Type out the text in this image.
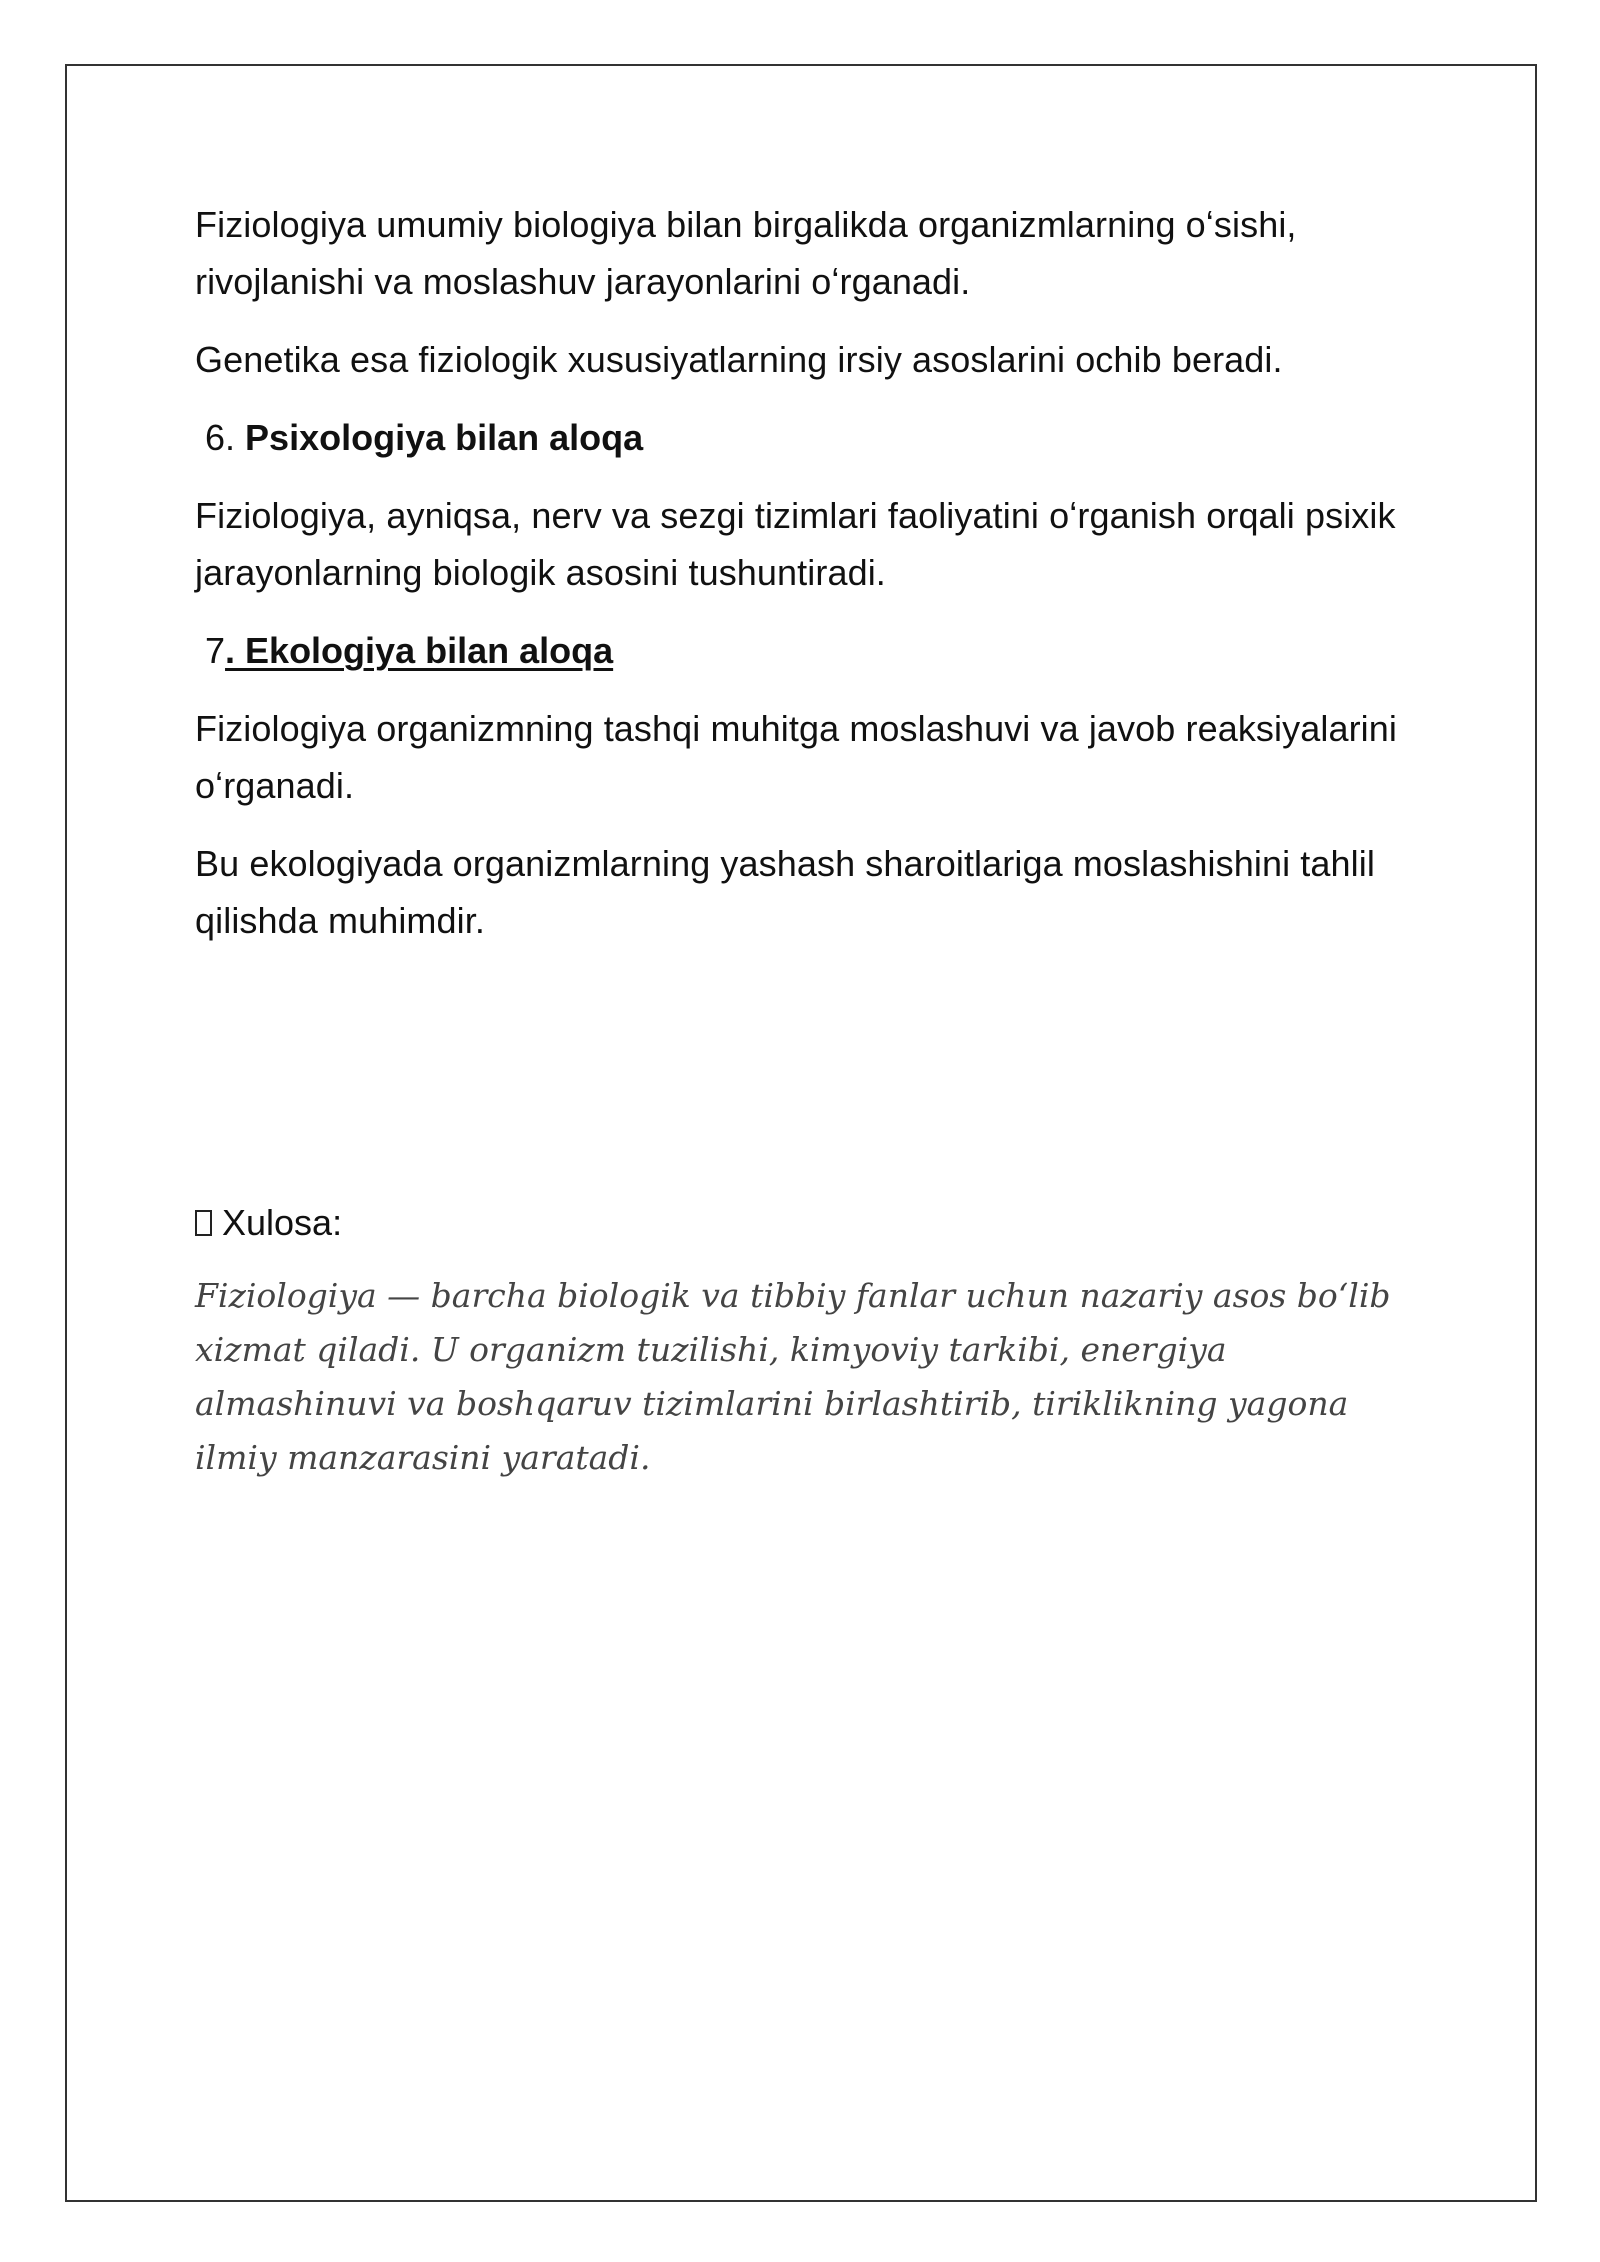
Fiziologiya umumiy biologiya bilan birgalikda organizmlarning oʻsishi, rivojlanishi va moslashuv jarayonlarini oʻrganadi.

Genetika esa fiziologik xususiyatlarning irsiy asoslarini ochib beradi.

6. Psixologiya bilan aloqa

Fiziologiya, ayniqsa, nerv va sezgi tizimlari faoliyatini oʻrganish orqali psixik jarayonlarning biologik asosini tushuntiradi.

7. Ekologiya bilan aloqa

Fiziologiya organizmning tashqi muhitga moslashuvi va javob reaksiyalarini oʻrganadi.

Bu ekologiyada organizmlarning yashash sharoitlariga moslashishini tahlil qilishda muhimdir.

Xulosa:

Fiziologiya — barcha biologik va tibbiy fanlar uchun nazariy asos boʻlib xizmat qiladi. U organizm tuzilishi, kimyoviy tarkibi, energiya almashinuvi va boshqaruv tizimlarini birlashtirib, tiriklikning yagona ilmiy manzarasini yaratadi.
